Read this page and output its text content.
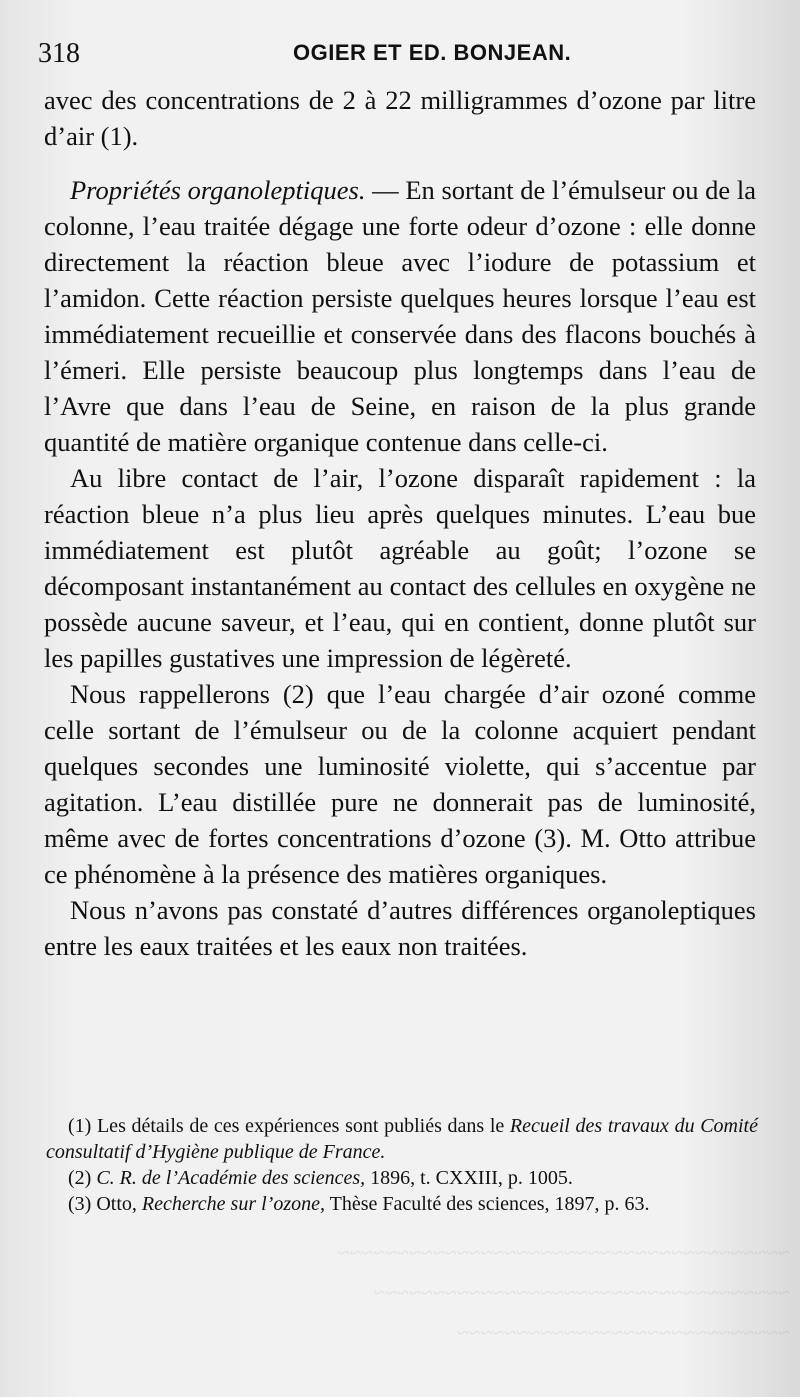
~~~~~~~~~~~~~~~~~~~~~~~~~~~~~~~~~~~~~~
~~~~~~~~~~~~~~~~~~~~~~~~~~~~~~~~~~~
~~~~~~~~~~~~~~~~~~~~~~~~~~~~
318	OGIER ET ED. BONJEAN.

avec des concentrations de 2 à 22 milligrammes d’ozone par litre d’air (1).

Propriétés organoleptiques. — En sortant de l’émulseur ou de la colonne, l’eau traitée dégage une forte odeur d’ozone : elle donne directement la réaction bleue avec l’iodure de potassium et l’amidon. Cette réaction persiste quelques heures lorsque l’eau est immédiatement recueillie et conservée dans des flacons bouchés à l’émeri. Elle persiste beaucoup plus longtemps dans l’eau de l’Avre que dans l’eau de Seine, en raison de la plus grande quantité de matière organique contenue dans celle-ci.

Au libre contact de l’air, l’ozone disparaît rapidement : la réaction bleue n’a plus lieu après quelques minutes. L’eau bue immédiatement est plutôt agréable au goût; l’ozone se décomposant instantanément au contact des cellules en oxygène ne possède aucune saveur, et l’eau, qui en contient, donne plutôt sur les papilles gustatives une impression de légèreté.

Nous rappellerons (2) que l’eau chargée d’air ozoné comme celle sortant de l’émulseur ou de la colonne acquiert pendant quelques secondes une luminosité violette, qui s’accentue par agitation. L’eau distillée pure ne donnerait pas de luminosité, même avec de fortes concentrations d’ozone (3). M. Otto attribue ce phénomène à la présence des matières organiques.

Nous n’avons pas constaté d’autres différences organoleptiques entre les eaux traitées et les eaux non traitées.

(1) Les détails de ces expériences sont publiés dans le Recueil des travaux du Comité consultatif d’Hygiène publique de France.

(2) C. R. de l’Académie des sciences, 1896, t. CXXIII, p. 1005.

(3) Otto, Recherche sur l’ozone, Thèse Faculté des sciences, 1897, p. 63.
